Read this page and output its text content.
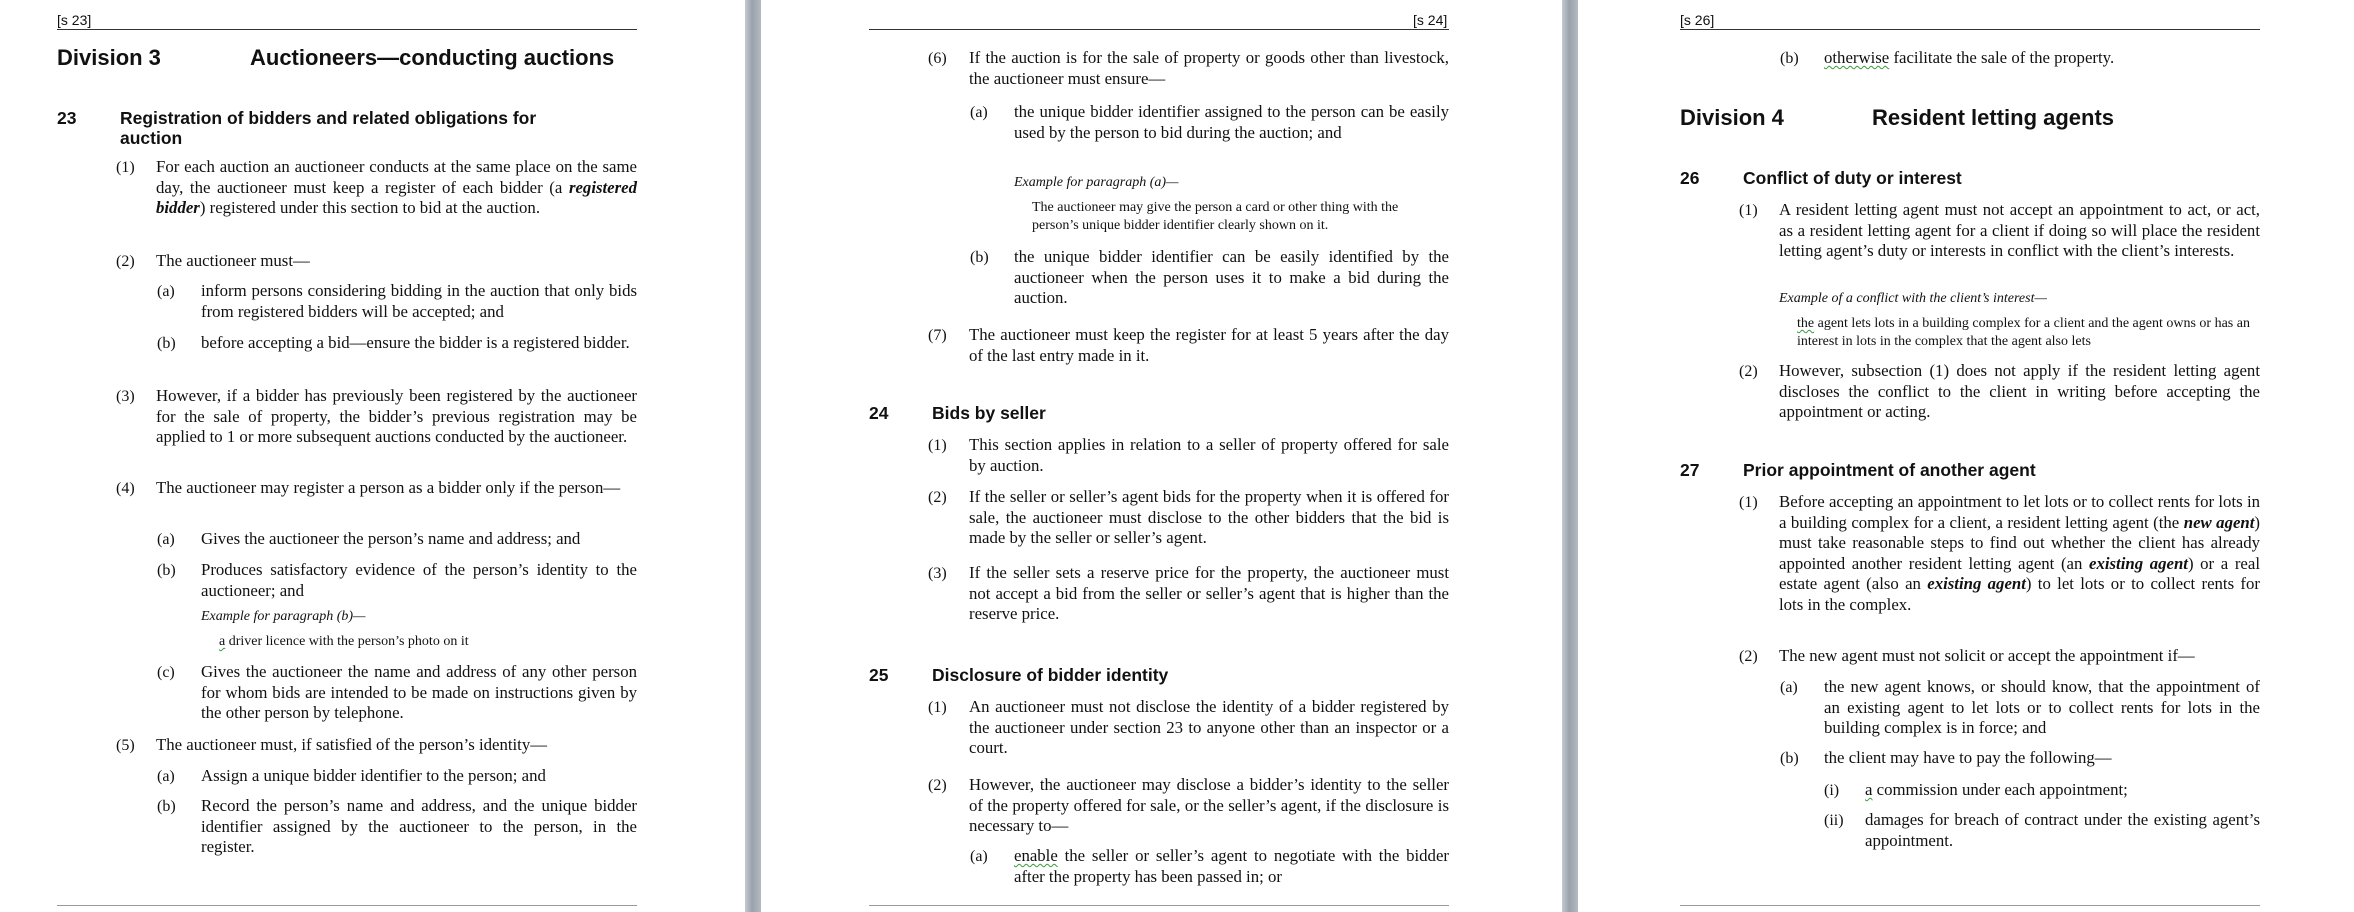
[s 23]
Division 3	Auctioneers—conducting auctions
23 Registration of bidders and related obligations for auction
(1) For each auction an auctioneer conducts at the same place on the same day, the auctioneer must keep a register of each bidder (a registered bidder) registered under this section to bid at the auction.
(2) The auctioneer must—
(a) inform persons considering bidding in the auction that only bids from registered bidders will be accepted; and
(b) before accepting a bid—ensure the bidder is a registered bidder.
(3) However, if a bidder has previously been registered by the auctioneer for the sale of property, the bidder’s previous registration may be applied to 1 or more subsequent auctions conducted by the auctioneer.
(4) The auctioneer may register a person as a bidder only if the person—
(a) Gives the auctioneer the person’s name and address; and
(b) Produces satisfactory evidence of the person’s identity to the auctioneer; and
Example for paragraph (b)—
a driver licence with the person’s photo on it
(c) Gives the auctioneer the name and address of any other person for whom bids are intended to be made on instructions given by the other person by telephone.
(5) The auctioneer must, if satisfied of the person’s identity—
(a) Assign a unique bidder identifier to the person; and
(b) Record the person’s name and address, and the unique bidder identifier assigned by the auctioneer to the person, in the register.
[s 24]
(6) If the auction is for the sale of property or goods other than livestock, the auctioneer must ensure—
(a) the unique bidder identifier assigned to the person can be easily used by the person to bid during the auction; and
Example for paragraph (a)—
The auctioneer may give the person a card or other thing with the person’s unique bidder identifier clearly shown on it.
(b) the unique bidder identifier can be easily identified by the auctioneer when the person uses it to make a bid during the auction.
(7) The auctioneer must keep the register for at least 5 years after the day of the last entry made in it.
24 Bids by seller
(1) This section applies in relation to a seller of property offered for sale by auction.
(2) If the seller or seller’s agent bids for the property when it is offered for sale, the auctioneer must disclose to the other bidders that the bid is made by the seller or seller’s agent.
(3) If the seller sets a reserve price for the property, the auctioneer must not accept a bid from the seller or seller’s agent that is higher than the reserve price.
25 Disclosure of bidder identity
(1) An auctioneer must not disclose the identity of a bidder registered by the auctioneer under section 23 to anyone other than an inspector or a court.
(2) However, the auctioneer may disclose a bidder’s identity to the seller of the property offered for sale, or the seller’s agent, if the disclosure is necessary to—
(a) enable the seller or seller’s agent to negotiate with the bidder after the property has been passed in; or
[s 26]
(b) otherwise facilitate the sale of the property.
Division 4	Resident letting agents
26 Conflict of duty or interest
(1) A resident letting agent must not accept an appointment to act, or act, as a resident letting agent for a client if doing so will place the resident letting agent’s duty or interests in conflict with the client’s interests.
Example of a conflict with the client’s interest—
the agent lets lots in a building complex for a client and the agent owns or has an interest in lots in the complex that the agent also lets
(2) However, subsection (1) does not apply if the resident letting agent discloses the conflict to the client in writing before accepting the appointment or acting.
27 Prior appointment of another agent
(1) Before accepting an appointment to let lots or to collect rents for lots in a building complex for a client, a resident letting agent (the new agent) must take reasonable steps to find out whether the client has already appointed another resident letting agent (an existing agent) or a real estate agent (also an existing agent) to let lots or to collect rents for lots in the complex.
(2) The new agent must not solicit or accept the appointment if—
(a) the new agent knows, or should know, that the appointment of an existing agent to let lots or to collect rents for lots in the building complex is in force; and
(b) the client may have to pay the following—
(i) a commission under each appointment;
(ii) damages for breach of contract under the existing agent’s appointment.
